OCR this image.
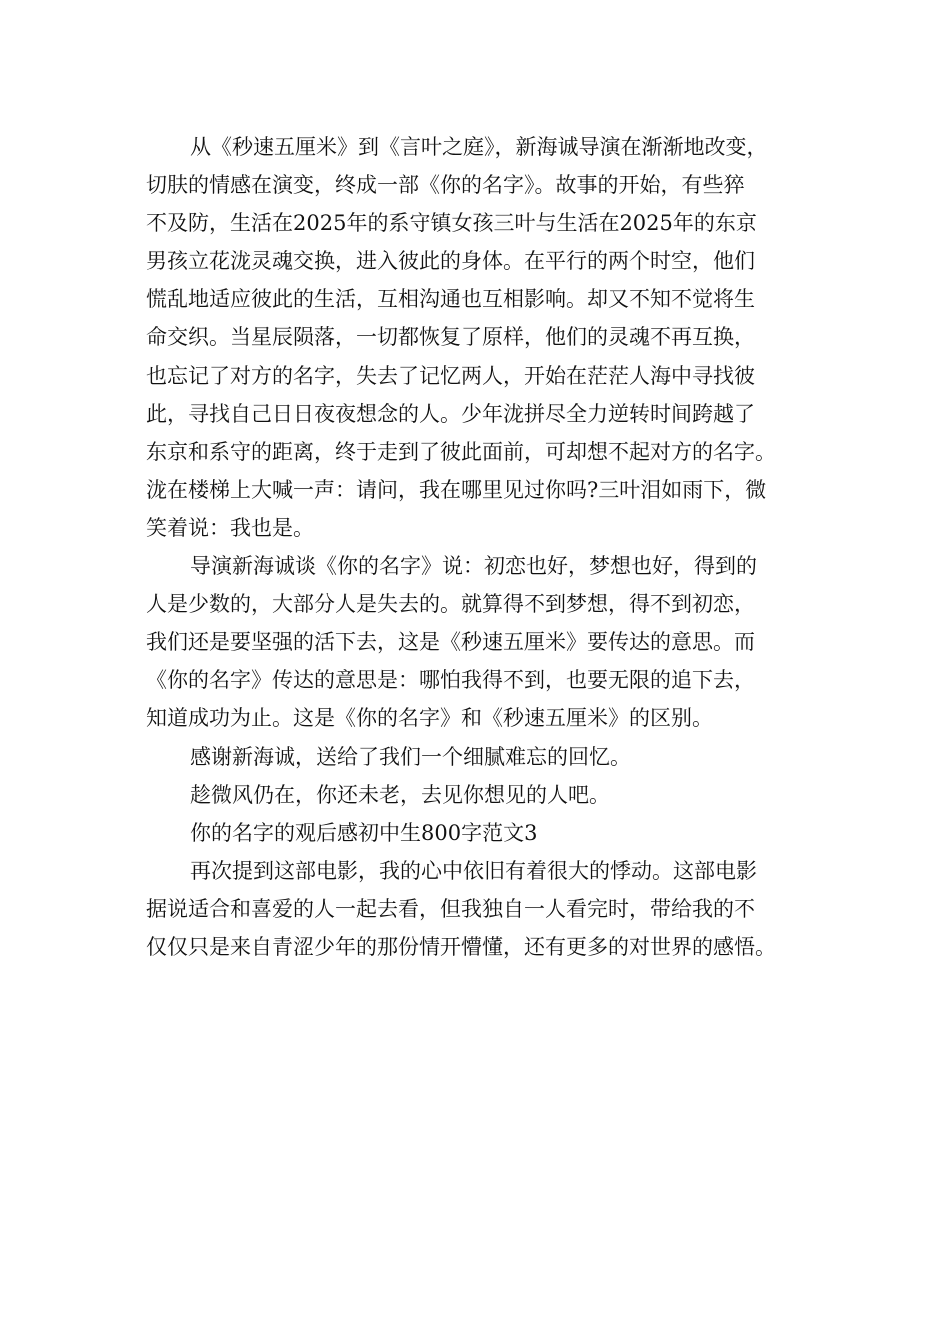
从《秒速五厘米》到《言叶之庭》，新海诚导演在渐渐地改变，
切肤的情感在演变，终成一部《你的名字》。故事的开始，有些猝
不及防，生活在2025年的系守镇女孩三叶与生活在2025年的东京
男孩立花泷灵魂交换，进入彼此的身体。在平行的两个时空，他们
慌乱地适应彼此的生活，互相沟通也互相影响。却又不知不觉将生
命交织。当星辰陨落，一切都恢复了原样，他们的灵魂不再互换，
也忘记了对方的名字，失去了记忆两人，开始在茫茫人海中寻找彼
此，寻找自己日日夜夜想念的人。少年泷拼尽全力逆转时间跨越了
东京和系守的距离，终于走到了彼此面前，可却想不起对方的名字。
泷在楼梯上大喊一声：请问，我在哪里见过你吗?三叶泪如雨下，微
笑着说：我也是。
导演新海诚谈《你的名字》说：初恋也好，梦想也好，得到的
人是少数的，大部分人是失去的。就算得不到梦想，得不到初恋，
我们还是要坚强的活下去，这是《秒速五厘米》要传达的意思。而
《你的名字》传达的意思是：哪怕我得不到，也要无限的追下去，
知道成功为止。这是《你的名字》和《秒速五厘米》的区别。
感谢新海诚，送给了我们一个细腻难忘的回忆。
趁微风仍在，你还未老，去见你想见的人吧。
你的名字的观后感初中生800字范文3
再次提到这部电影，我的心中依旧有着很大的悸动。这部电影
据说适合和喜爱的人一起去看，但我独自一人看完时，带给我的不
仅仅只是来自青涩少年的那份情开懵懂，还有更多的对世界的感悟。
